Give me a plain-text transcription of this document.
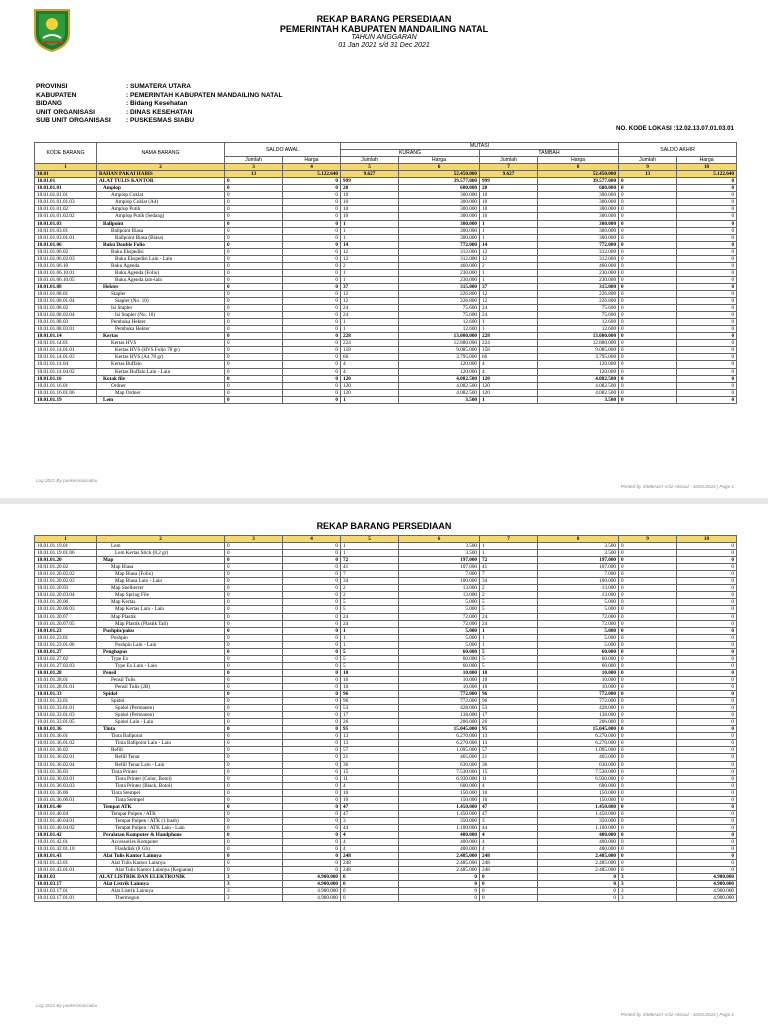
REKAP BARANG PERSEDIAAN
PEMERINTAH KABUPATEN MANDAILING NATAL
TAHUN ANGGARAN
01 Jan 2021 s/d 31 Dec 2021
PROVINSI	: SUMATERA UTARA
KABUPATEN	: PEMERINTAH KABUPATEN MANDAILING NATAL
BIDANG	: Bidang Kesehatan
UNIT ORGANISASI	: DINAS KESEHATAN
SUB UNIT ORGANISASI	: PUSKESMAS SIABU
NO. KODE LOKASI :12.02.13.07.01.03.01
KODE BARANG	NAMA BARANG	SALDO AWAL		MUTASI				SALDO AKHIR	
				KURANG		TAMBAH			
		Jumlah	Harga	Jumlah	Harga	Jumlah	Harga	Jumlah	Harga
1	2	3	4	5	6	7	8	9	10
10.01	BAHAN PAKAI HABIS	13	5.122.640	9.627	52.450.000	9.627	52.450.000	13	5.122.640
10.01.01	ALAT TULIS KANTOR	0	0	999	39.577.000	999	39.577.000	0	0
10.01.01.01	Amplop	0	0	20	600.000	20	600.000	0	0
10.01.01.01.01	Amplop Coklat	0	0	10	300.000	10	300.000	0	0
10.01.01.01.01.03	Amplop Coklat (A4)	0	0	10	300.000	10	300.000	0	0
10.01.01.01.02	Amplop Putih	0	0	10	300.000	10	300.000	0	0
10.01.01.01.02.02	Amplop Putih (Sedang)	0	0	10	300.000	10	300.000	0	0
10.01.01.03	Ballpoint	0	0	1	300.000	1	300.000	0	0
10.01.01.03.01	Ballpoint Biasa	0	0	1	300.000	1	300.000	0	0
10.01.01.03.01.01	Ballpoint Biasa (Biasa)	0	0	1	300.000	1	300.000	0	0
10.01.01.06	Buku Double Folio	0	0	14	772.000	14	772.000	0	0
10.01.01.06.02	Buku Ekspedisi	0	0	12	312.000	12	312.000	0	0
10.01.01.06.02.03	Buku Ekspedisi Lain - Lain	0	0	12	312.000	12	312.000	0	0
10.01.01.06.10	Buku Agenda	0	0	2	460.000	2	460.000	0	0
10.01.01.06.10.01	Buku Agenda (Folio)	0	0	1	230.000	1	230.000	0	0
10.01.01.06.10.05	Buku Agenda lain-lain	0	0	1	230.000	1	230.000	0	0
10.01.01.08	Hekter	0	0	37	315.000	37	315.000	0	0
10.01.01.08.01	Stapler	0	0	12	226.800	12	226.800	0	0
10.01.01.08.01.04	Stapler (No. 10)	0	0	12	226.800	12	226.800	0	0
10.01.01.08.02	Isi Stapler	0	0	24	75.600	24	75.600	0	0
10.01.01.08.02.04	Isi Stapler (No. 10)	0	0	24	75.600	24	75.600	0	0
10.01.01.08.03	Pembuka Hekter	0	0	1	12.600	1	12.600	0	0
10.01.01.08.03.01	Pembuka Hekter	0	0	1	12.600	1	12.600	0	0
10.01.01.14	Kertas	0	0	228	13.000.000	228	13.000.000	0	0
10.01.01.14.01	Kertas HVS	0	0	224	12.880.000	224	12.880.000	0	0
10.01.01.14.01.01	Kertas HVS (HVS Folio 70 gr)	0	0	158	9.085.000	158	9.085.000	0	0
10.01.01.14.01.03	Kertas HVS (A4 70 gr)	0	0	66	3.795.000	66	3.795.000	0	0
10.01.01.14.04	Kertas Buffalo	0	0	4	120.000	4	120.000	0	0
10.01.01.14.04.02	Kertas Buffalo Lain - Lain	0	0	4	120.000	4	120.000	0	0
10.01.01.16	Kotak file	0	0	120	4.082.500	120	4.082.500	0	0
10.01.01.16.01	Ordner	0	0	120	4.082.500	120	4.082.500	0	0
10.01.01.16.01.06	Map Ordner	0	0	120	4.082.500	120	4.082.500	0	0
10.01.01.19	Lem	0	0	1	3.500	1	3.500	0	0
Log 2021 By puskesmassiabu
Printed by SIMBADA V.02 Aknual - 10/01/2022 | Page 1
REKAP BARANG PERSEDIAAN
1	2	3	4	5	6	7	8	9	10
10.01.01.19.01	Lem	0	0	1	3.500	1	3.500	0	0
10.01.01.19.01.06	Lem Kertas Stick (8,2 gr)	0	0	1	3.500	1	3.500	0	0
10.01.01.20	Map	0	0	72	197.000	72	197.000	0	0
10.01.01.20.02	Map Biasa	0	0	41	107.000	41	107.000	0	0
10.01.01.20.02.02	Map Biasa (Folio)	0	0	7	7.000	7	7.000	0	0
10.01.01.20.02.03	Map Biasa Lain - Lain	0	0	34	100.000	34	100.000	0	0
10.01.01.20.03	Map Snelhecter	0	0	2	13.000	2	13.000	0	0
10.01.01.20.03.04	Map Spring File	0	0	2	13.000	2	13.000	0	0
10.01.01.20.06	Map Kertas	0	0	5	5.000	5	5.000	0	0
10.01.01.20.06.03	Map Kertas Lain - Lain	0	0	5	5.000	5	5.000	0	0
10.01.01.20.07	Map Plastik	0	0	24	72.000	24	72.000	0	0
10.01.01.20.07.05	Map Plastik (Plastik Tali)	0	0	24	72.000	24	72.000	0	0
10.01.01.23	Pushpin/paku	0	0	1	5.000	1	5.000	0	0
10.01.01.23.01	Pushpin	0	0	1	5.000	1	5.000	0	0
10.01.01.23.01.06	Pushpin Lain - Lain	0	0	1	5.000	1	5.000	0	0
10.01.01.27	Penghapus	0	0	5	60.000	5	60.000	0	0
10.01.01.27.02	Type Ex	0	0	5	60.000	5	60.000	0	0
10.01.01.27.02.03	Type Ex Lain - Lain	0	0	5	60.000	5	60.000	0	0
10.01.01.28	Pensil	0	0	10	10.000	10	10.000	0	0
10.01.01.28.01	Pensil Tulis	0	0	10	10.000	10	10.000	0	0
10.01.01.28.01.01	Pensil Tulis (2B)	0	0	10	10.000	10	10.000	0	0
10.01.01.33	Spidol	0	0	96	772.000	96	772.000	0	0
10.01.01.33.01	Spidol	0	0	96	772.000	96	772.000	0	0
10.01.01.33.01.01	Spidol (Permanen)	0	0	53	428.000	53	428.000	0	0
10.01.01.33.01.03	Spidol (Permanen)	0	0	17	138.000	17	138.000	0	0
10.01.01.33.01.05	Spidol Lain - Lain	0	0	26	206.000	26	206.000	0	0
10.01.01.36	Tinta	0	0	95	15.045.000	95	15.045.000	0	0
10.01.01.36.01	Tinta Ballpoint	0	0	13	6.270.000	13	6.270.000	0	0
10.01.01.36.01.02	Tinta Ballpoint Lain - Lain	0	0	13	6.270.000	13	6.270.000	0	0
10.01.01.36.02	Refill	0	0	57	1.095.000	57	1.095.000	0	0
10.01.01.36.02.01	Refill Tenar	0	0	21	465.000	21	465.000	0	0
10.01.01.36.02.04	Refill Tenar Lain - Lain	0	0	36	630.000	36	630.000	0	0
10.01.01.36.03	Tinta Printer	0	0	15	7.530.000	15	7.530.000	0	0
10.01.01.36.03.01	Tinta Printer (Color, Botol)	0	0	11	6.930.000	11	6.930.000	0	0
10.01.01.36.03.03	Tinta Printer (Black, Botol)	0	0	4	600.000	4	600.000	0	0
10.01.01.36.06	Tinta Stempel	0	0	10	150.000	10	150.000	0	0
10.01.01.36.06.01	Tinta Stempel	0	0	10	150.000	10	150.000	0	0
10.01.01.40	Tempat ATK	0	0	47	1.450.000	47	1.450.000	0	0
10.01.01.40.04	Tempat Pulpen / ATK	0	0	47	1.450.000	47	1.450.000	0	0
10.01.01.40.04.01	Tempat Pulpen / ATK (1 buah)	0	0	3	350.000	3	350.000	0	0
10.01.01.40.04.02	Tempat Pulpen / ATK Lain - Lain	0	0	44	1.100.000	44	1.100.000	0	0
10.01.01.42	Peralatan Komputer & Handphone	0	0	4	400.000	4	400.000	0	0
10.01.01.42.01	Accessories Komputer	0	0	4	400.000	4	400.000	0	0
10.01.01.42.01.10	Flashdisk (8 Gb)	0	0	4	400.000	4	400.000	0	0
10.01.01.43	Alat Tulis Kantor Lainnya	0	0	248	2.485.000	248	2.485.000	0	0
10.01.01.43.01	Alat Tulis Kantor Lainnya	0	0	248	2.485.000	248	2.485.000	0	0
10.01.01.43.01.01	Alat Tulis Kantor Lainnya (Kegiatan)	0	0	248	2.485.000	248	2.485.000	0	0
10.01.03	ALAT LISTRIK DAN ELEKTRONIK	3	4.900.000	0	0	0	0	3	4.900.000
10.01.03.17	Alat Listrik Lainnya	3	4.900.000	0	0	0	0	3	4.900.000
10.01.03.17.01	Alat Listrik Lainnya	3	4.900.000	0	0	0	0	3	4.900.000
10.01.03.17.01.01	Thermogun	3	4.900.000	0	0	0	0	3	4.900.000
Log 2021 By puskesmassiabu
Printed by SIMBADA V.02 Aknual - 10/01/2022 | Page 2
